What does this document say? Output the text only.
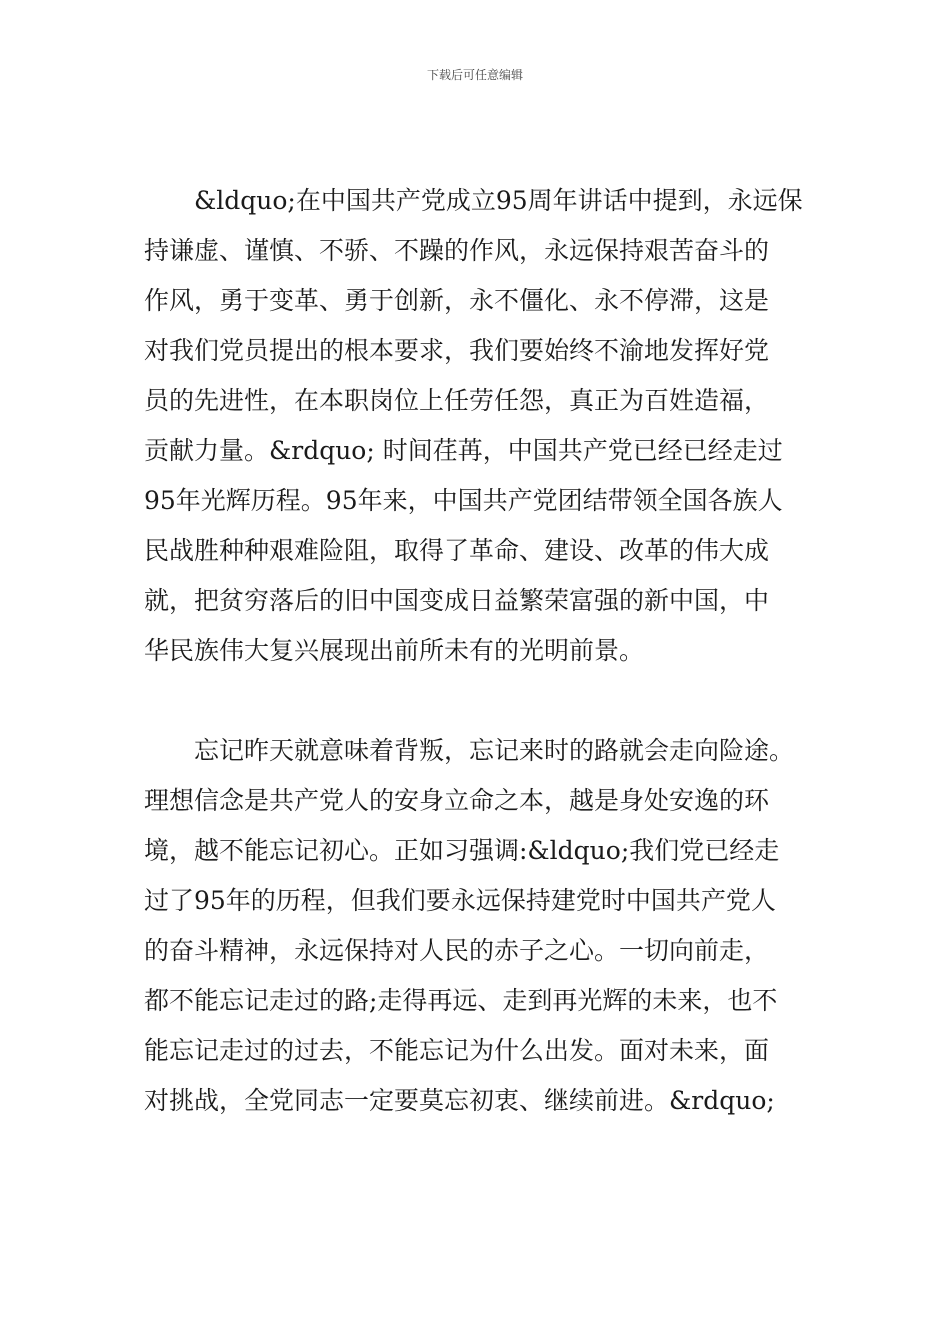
下载后可任意编辑
　　&ldquo;在中国共产党成立95周年讲话中提到，永远保
持谦虚、谨慎、不骄、不躁的作风，永远保持艰苦奋斗的
作风，勇于变革、勇于创新，永不僵化、永不停滞，这是
对我们党员提出的根本要求，我们要始终不渝地发挥好党
员的先进性，在本职岗位上任劳任怨，真正为百姓造福，
贡献力量。&rdquo; 时间荏苒，中国共产党已经已经走过
95年光辉历程。95年来，中国共产党团结带领全国各族人
民战胜种种艰难险阻，取得了革命、建设、改革的伟大成
就，把贫穷落后的旧中国变成日益繁荣富强的新中国，中
华民族伟大复兴展现出前所未有的光明前景。
　　忘记昨天就意味着背叛，忘记来时的路就会走向险途。
理想信念是共产党人的安身立命之本，越是身处安逸的环
境，越不能忘记初心。正如习强调:&ldquo;我们党已经走
过了95年的历程，但我们要永远保持建党时中国共产党人
的奋斗精神，永远保持对人民的赤子之心。一切向前走，
都不能忘记走过的路;走得再远、走到再光辉的未来，也不
能忘记走过的过去，不能忘记为什么出发。面对未来，面
对挑战，全党同志一定要莫忘初衷、继续前进。&rdquo;
